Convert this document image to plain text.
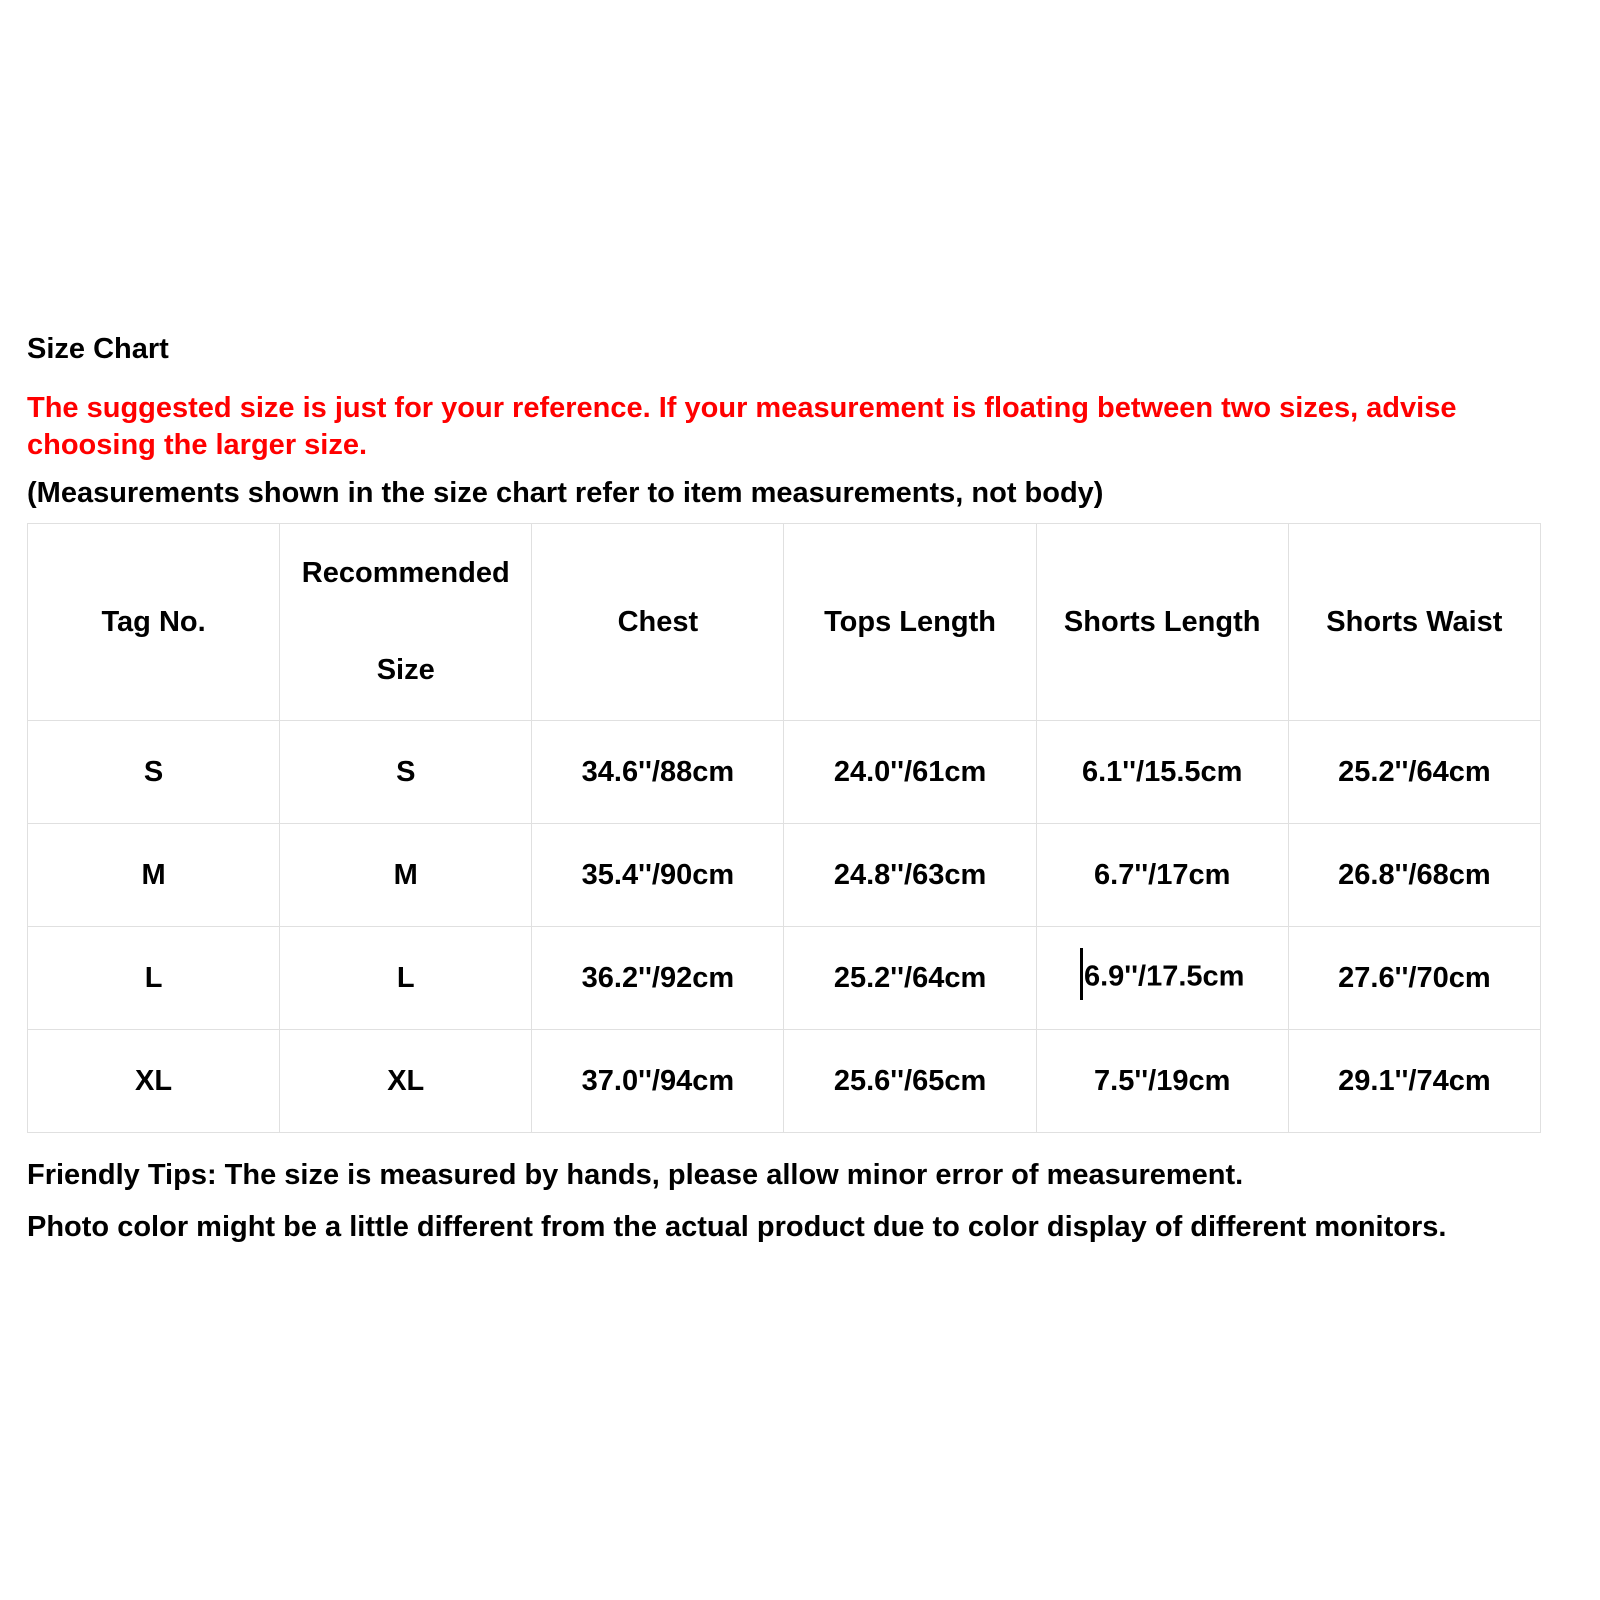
Size Chart

The suggested size is just for your reference. If your measurement is floating between two sizes, advise
choosing the larger size.

(Measurements shown in the size chart refer to item measurements, not body)

Tag No.	Recommended Size	Chest	Tops Length	Shorts Length	Shorts Waist
S	S	34.6''/88cm	24.0''/61cm	6.1''/15.5cm	25.2''/64cm
M	M	35.4''/90cm	24.8''/63cm	6.7''/17cm	26.8''/68cm
L	L	36.2''/92cm	25.2''/64cm	6.9''/17.5cm	27.6''/70cm
XL	XL	37.0''/94cm	25.6''/65cm	7.5''/19cm	29.1''/74cm

Friendly Tips: The size is measured by hands, please allow minor error of measurement.
Photo color might be a little different from the actual product due to color display of different monitors.
